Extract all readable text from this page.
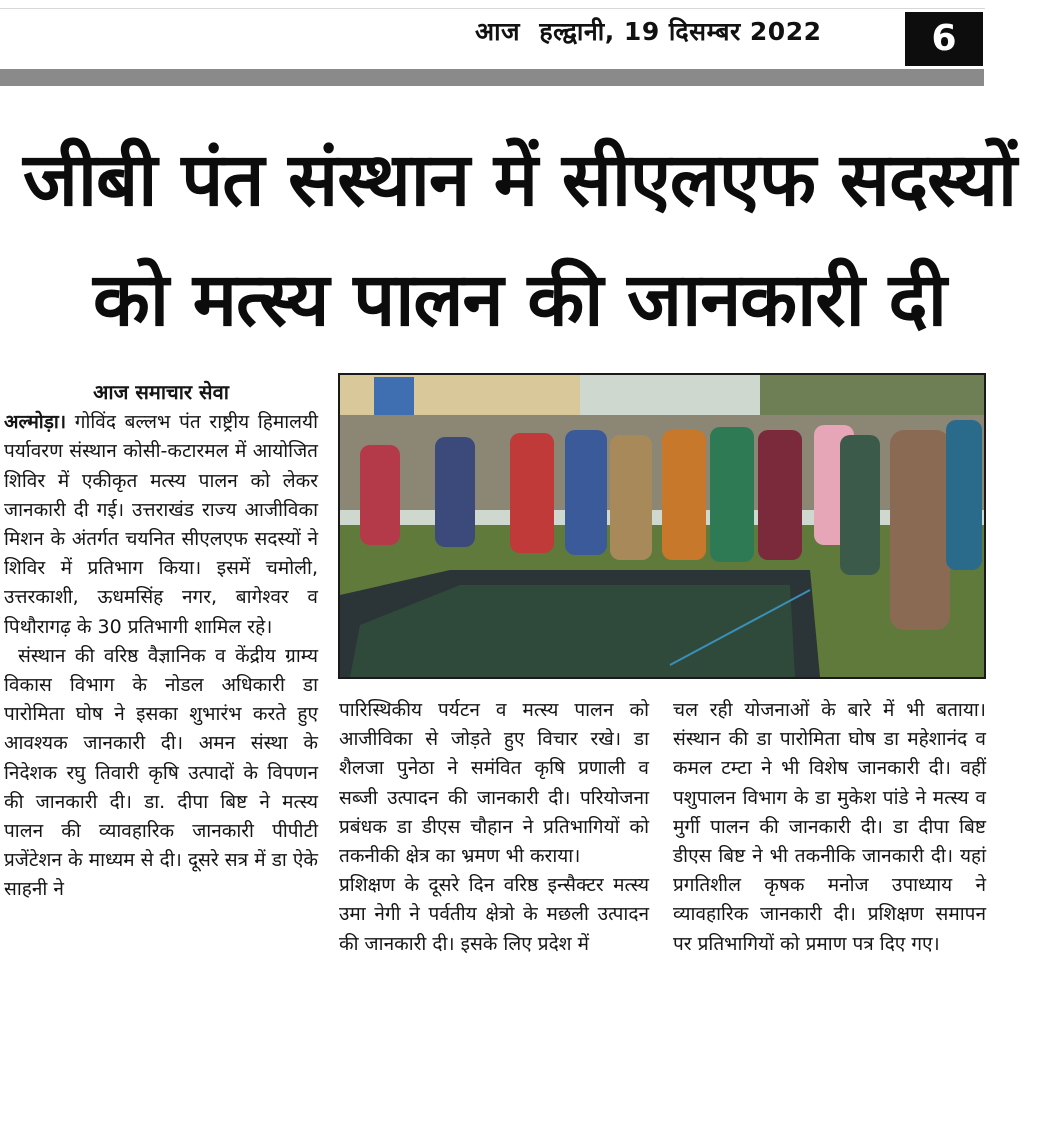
आज हल्द्वानी, 19 दिसम्बर 2022	6
जीबी पंत संस्थान में सीएलएफ सदस्यों
को मत्स्य पालन की जानकारी दी
आज समाचार सेवा

अल्मोड़ा। गोविंद बल्लभ पंत राष्ट्रीय हिमालयी पर्यावरण संस्थान कोसी-कटारमल में आयोजित शिविर में एकीकृत मत्स्य पालन को लेकर जानकारी दी गई। उत्तराखंड राज्य आजीविका मिशन के अंतर्गत चयनित सीएलएफ सदस्यों ने शिविर में प्रतिभाग किया। इसमें चमोली, उत्तरकाशी, ऊधमसिंह नगर, बागेश्वर व पिथौरागढ़ के 30 प्रतिभागी शामिल रहे।

संस्थान की वरिष्ठ वैज्ञानिक व केंद्रीय ग्राम्य विकास विभाग के नोडल अधिकारी डा पारोमिता घोष ने इसका शुभारंभ करते हुए आवश्यक जानकारी दी। अमन संस्था के निदेशक रघु तिवारी कृषि उत्पादों के विपणन की जानकारी दी। डा. दीपा बिष्ट ने मत्स्य पालन की व्यावहारिक जानकारी पीपीटी प्रजेंटेशन के माध्यम से दी। दूसरे सत्र में डा ऐके साहनी ने

पारिस्थिकीय पर्यटन व मत्स्य पालन को आजीविका से जोड़ते हुए विचार रखे। डा शैलजा पुनेठा ने समंवित कृषि प्रणाली व सब्जी उत्पादन की जानकारी दी। परियोजना प्रबंधक डा डीएस चौहान ने प्रतिभागियों को तकनीकी क्षेत्र का भ्रमण भी कराया।

प्रशिक्षण के दूसरे दिन वरिष्ठ इन्सैक्टर मत्स्य उमा नेगी ने पर्वतीय क्षेत्रो के मछली उत्पादन की जानकारी दी। इसके लिए प्रदेश में

चल रही योजनाओं के बारे में भी बताया। संस्थान की डा पारोमिता घोष डा महेशानंद व कमल टम्टा ने भी विशेष जानकारी दी। वहीं पशुपालन विभाग के डा मुकेश पांडे ने मत्स्य व मुर्गी पालन की जानकारी दी। डा दीपा बिष्ट डीएस बिष्ट ने भी तकनीकि जानकारी दी। यहां प्रगतिशील कृषक मनोज उपाध्याय ने व्यावहारिक जानकारी दी। प्रशिक्षण समापन पर प्रतिभागियों को प्रमाण पत्र दिए गए।
